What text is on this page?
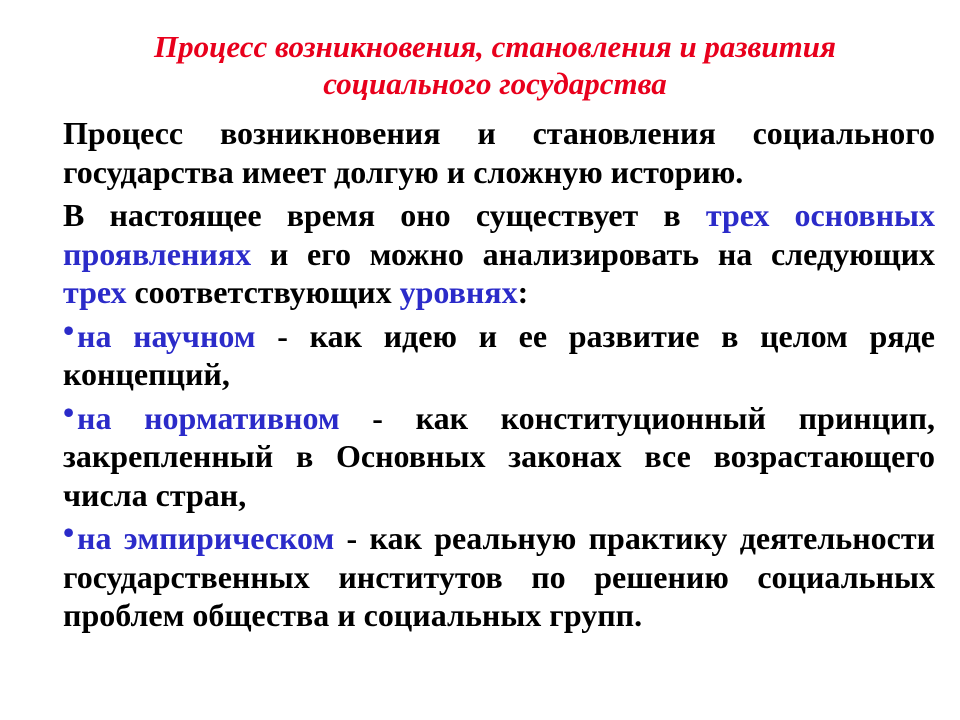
Процесс возникновения, становления и развития
социального государства

Процесс возникновения и становления социального государства имеет долгую и сложную историю.

В настоящее время оно существует в трех основных проявлениях и его можно анализировать на следующих трех соответствующих уровнях:

•на научном - как идею и ее развитие в целом ряде концепций,

•на нормативном - как конституционный принцип, закрепленный в Основных законах все возрастающего числа стран,

•на эмпирическом - как реальную практику деятельности государственных институтов по решению социальных проблем общества и социальных групп.
